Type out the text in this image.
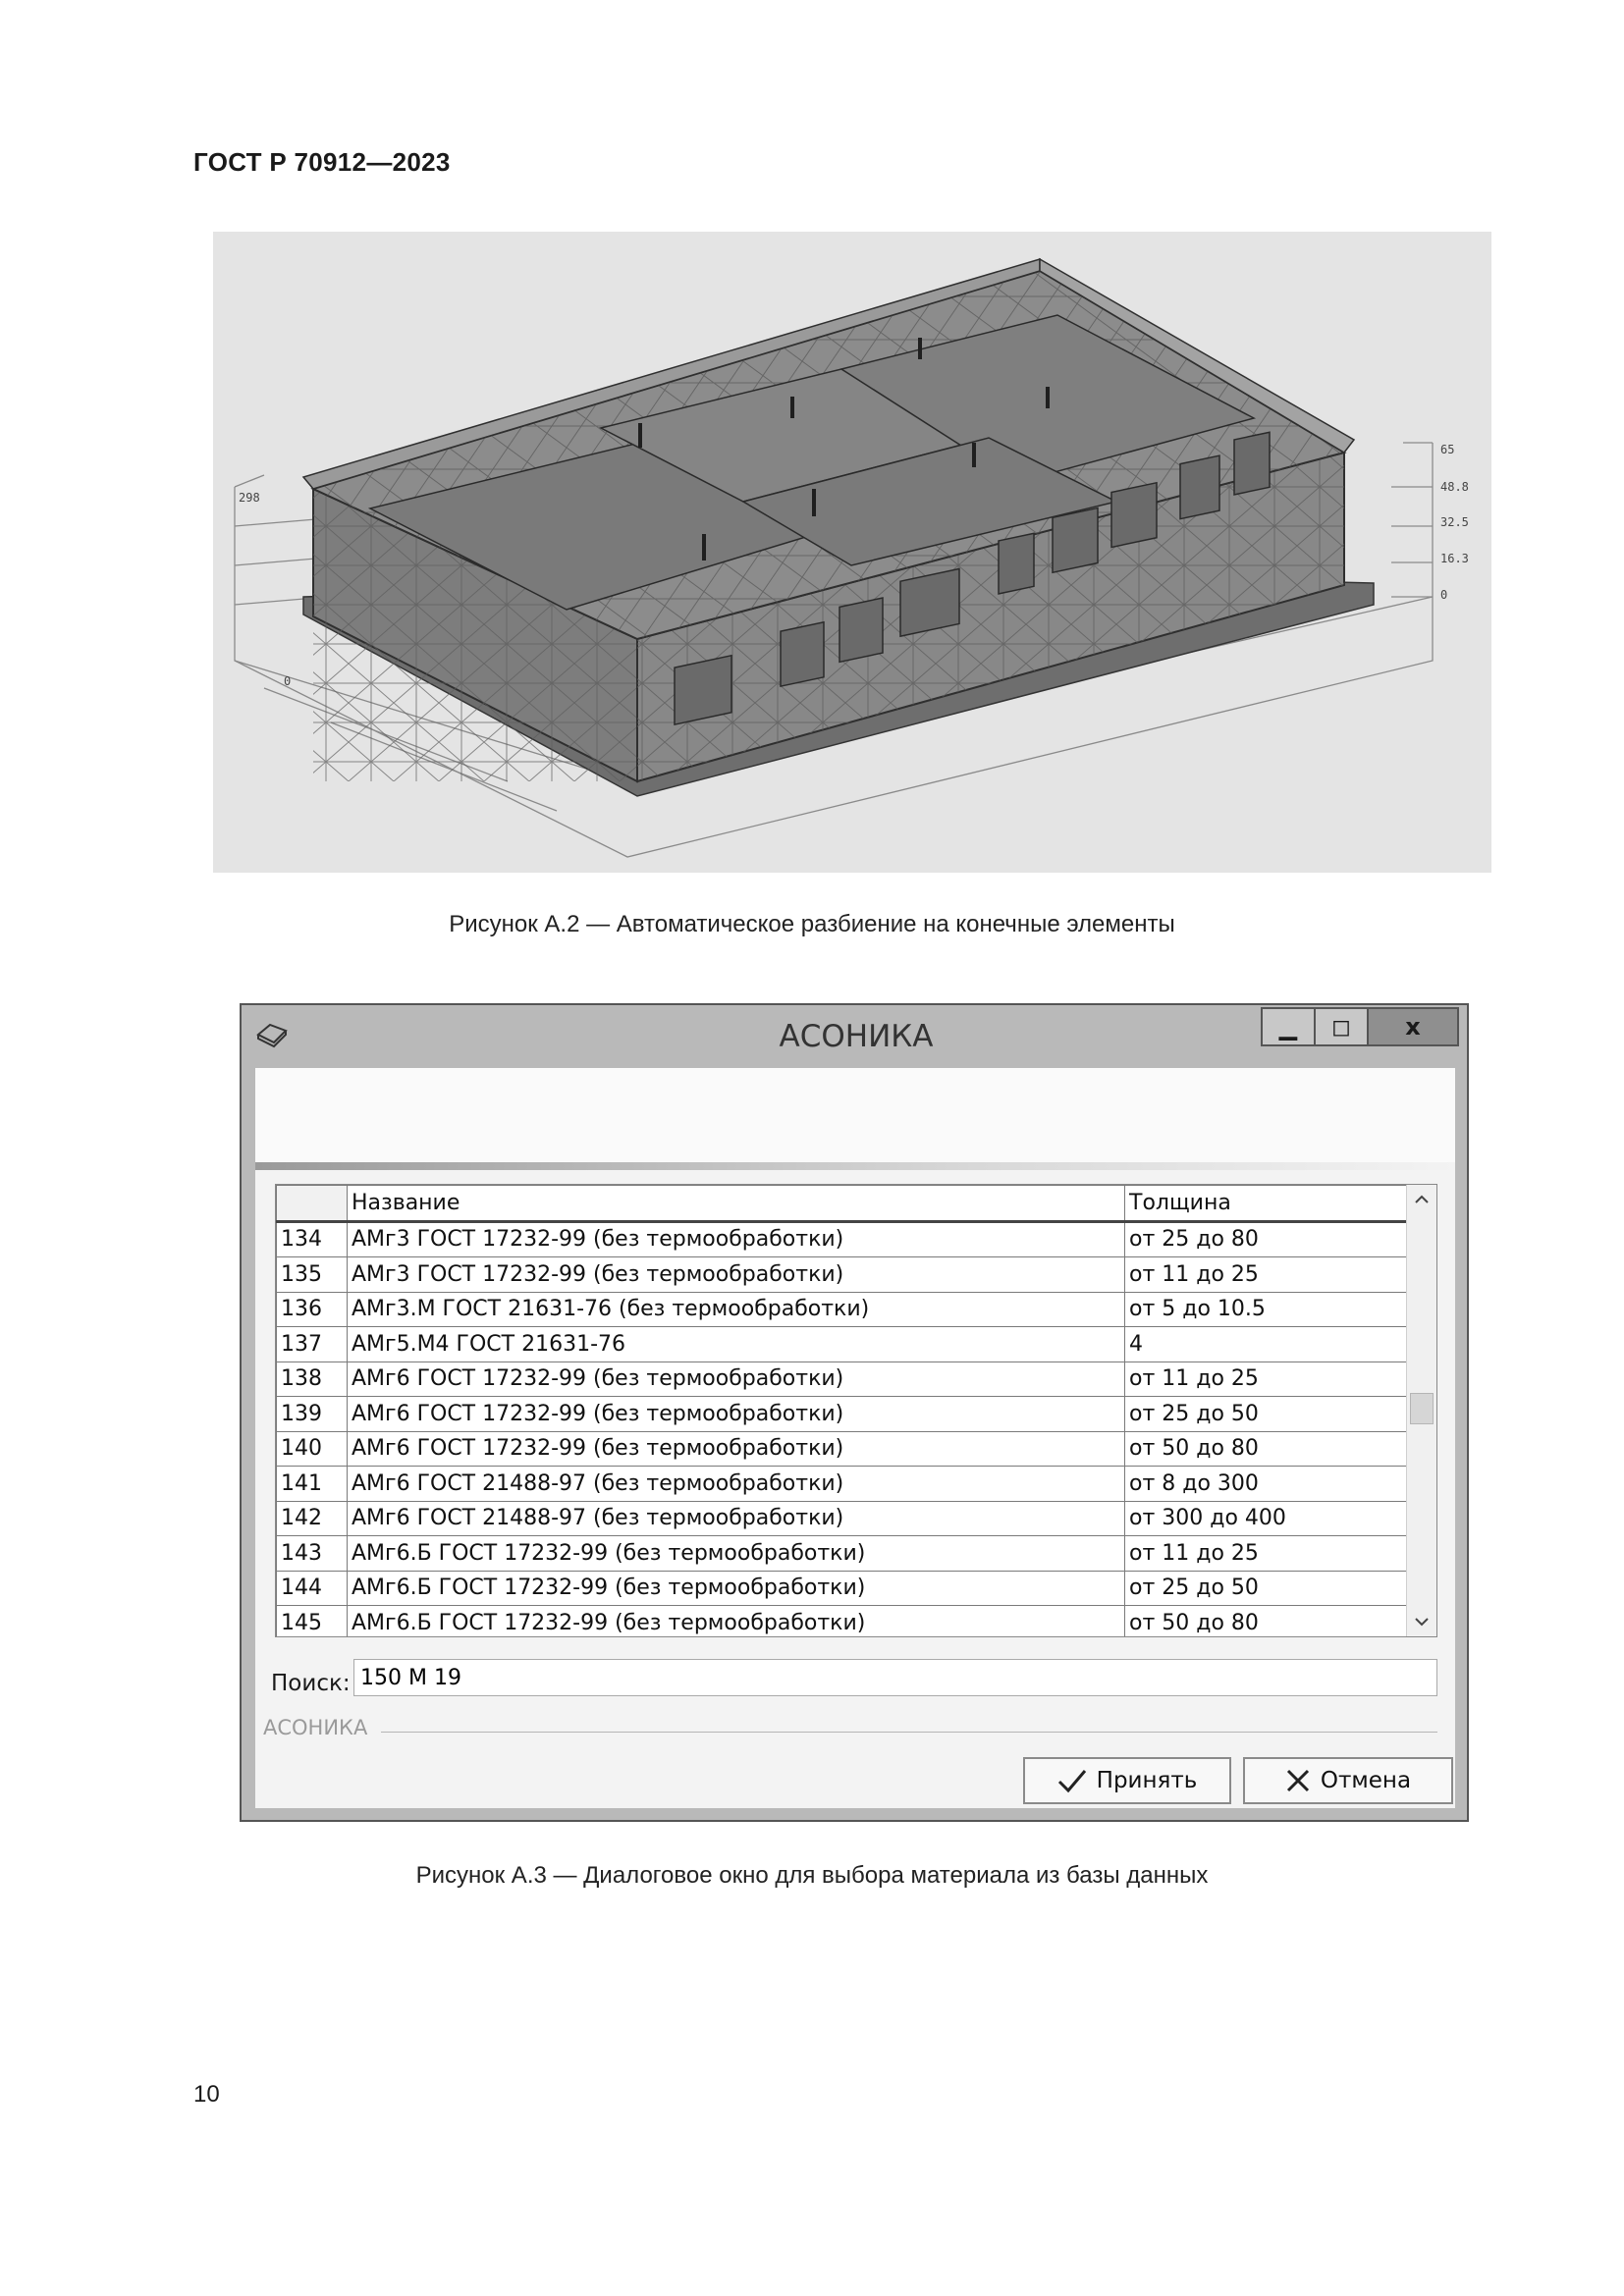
ГОСТ Р 70912—2023
298
0
65
48.8
32.5
16.3
0
Рисунок А.2 — Автоматическое разбиение на конечные элементы
АСОНИКА	▁	◻	x
	Название	Толщина
134	АМг3 ГОСТ 17232-99 (без термообработки)	от 25 до 80
135	АМг3 ГОСТ 17232-99 (без термообработки)	от 11 до 25
136	АМг3.М ГОСТ 21631-76 (без термообработки)	от 5 до 10.5
137	АМг5.М4 ГОСТ 21631-76	4
138	АМг6 ГОСТ 17232-99 (без термообработки)	от 11 до 25
139	АМг6 ГОСТ 17232-99 (без термообработки)	от 25 до 50
140	АМг6 ГОСТ 17232-99 (без термообработки)	от 50 до 80
141	АМг6 ГОСТ 21488-97 (без термообработки)	от 8 до 300
142	АМг6 ГОСТ 21488-97 (без термообработки)	от 300 до 400
143	АМг6.Б ГОСТ 17232-99 (без термообработки)	от 11 до 25
144	АМг6.Б ГОСТ 17232-99 (без термообработки)	от 25 до 50
145	АМг6.Б ГОСТ 17232-99 (без термообработки)	от 50 до 80
Поиск:
150 М 19
АСОНИКА
Принять	Отмена
Рисунок А.3 — Диалоговое окно для выбора материала из базы данных
10
